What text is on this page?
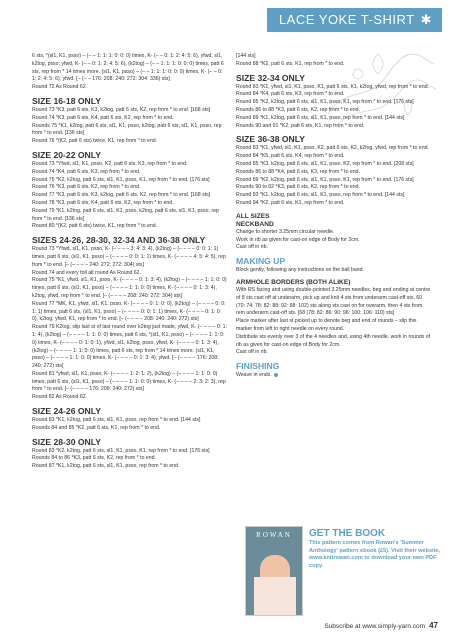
LACE YOKE T-SHIRT ✱

6 sts, *(sl1, K1, psso) – (– – 1: 1: 1: 0: 0: 0) times, K- (– – 0: 1: 2: 4: 5: 6), yfwd, sl1, k2tog, psso, yfwd, K- (– – 0: 1: 2: 4: 5: 6), (k2tog) – (– – 1: 1: 1: 0: 0: 0) times, patt 6 sts, rep from * 14 times more. (sl1, K1, psso) – (– – 1: 1: 1: 0: 0: 0) times, K- (– – 0: 1: 2: 4: 5: 6), yfwd. [– (– – 176: 208: 240: 272: 304: 336) sts]

Round 72 As Round 62.

SIZE 16-18 ONLY

Round 73 *K3, patt 6 sts, K3, k2tog, patt 6 sts, K2, rep from * to end. [168 sts]

Round 74 *K3, patt 6 sts, K4, patt 6 sts, K2, rep from * to end.

Rounds 75 *K1, k2tog, patt 6 sts, sl1, K1, psso, k2tog, patt 6 sts, sl1, K1, psso, rep from * to end. [136 sts]

Round 76 *(K2, patt 6 sts) twice, K1, rep from * to end.

SIZE 20-22 ONLY

Round 73 *Yfwd, sl1, K1, psso, K2, patt 6 sts, K3, rep from * to end.

Round 74 *K4, patt 6 sts, K3, rep from * to end.

Round 75 *K2, k2tog, patt 6 sts, sl1, K1, psso, K1, rep from * to end. [176 sts]

Round 76 *K3, patt 6 sts, K2, rep from * to end.

Round 77 *K3, patt 6 sts, K3, k2tog, patt 6 sts, K2, rep from * to end. [168 sts]

Round 78 *K3, patt 6 sts, K4, patt 6 sts, K2, rep from * to end.

Round 79 *K1, k2tog, patt 6 sts, sl1, K1, psso, k2tog, patt 6 sts, sl1, K1, psso, rep from * to end. [136 sts]

Round 80 *(K2, patt 6 sts) twice, K1, rep from * to end.

SIZES 24-26, 28-30, 32-34 AND 36-38 ONLY

Round 73 *Yfwd, sl1, K1, psso, K- (– – – – 3: 4: 3: 4), (k2tog) – (– – – – 0: 0: 1: 1) times, patt 6 sts, (sl1, K1, psso) – (– – – – 0: 0: 1: 1) times, K- (– – – – 4: 5: 4: 5), rep from * to end. [– (– – – – 240: 272: 272: 304) sts]

Round 74 and every foll alt round As Round 62.

Round 75 *K1, yfwd, sl1, K1, psso, K- (– – – – 0: 1: 3: 4), (k2tog) – (– – – – 1: 1: 0: 0) times, patt 6 sts, (sl1, K1, psso) – (– – – – 1: 1: 0: 0) times, K- (– – – – 0: 1: 3: 4), k2tog, yfwd, rep from * to end. [– (– – – – 208: 240: 272: 304) sts]

Round 77 *MK, K1, yfwd, sl1, K1, psso, K- (– – – – 0: 1: 0: 0), (k2tog) – (– – – – 0: 0: 1: 1) times, patt 6 sts, (sl1, K1, psso) – (– – – – 0: 0: 1: 1) times, K- (– – – – 0: 1: 0: 0), k2tog, yfwd, K1, rep from * to end. [– (– – – – 208: 240: 240: 272) sts]

Round 79 K2tog, slip last st of last round over k2tog just made, yfwd, K- (– – – – 0: 1: 1: 4), (k2tog) – (– – – – 1: 1: 0: 0) times, patt 6 sts, *(sl1, K1, psso) – (– – – – 1: 1: 0: 0) times, K- (– – – – 0: 1: 0: 1), yfwd, sl1, k2tog, psso, yfwd, K- (– – – – 0: 1: 3: 4), (k2tog) – (– – – – 1: 1: 0: 0) times, patt 6 sts, rep from * 14 times more. (sl1, K1, psso) – (– – – – 1: 1: 0: 0) times, K- (– – – – 0: 1: 3: 4), yfwd. [– (– – – – 176: 208: 240: 272) sts]

Round 81 *yfwd, sl1, K1, psso, K- (– – – – 1: 2: 1: 2), (k2tog) – (– – – – 1: 1: 0: 0) times, patt 6 sts, (sl1, K1, psso) – (– – – – 1: 1: 0: 0) times, K- (– – – – 2: 3: 2: 3), rep from * to end. [– (– – – – 176: 208: 240: 272) sts]

Round 82 As Round 62.

SIZE 24-26 ONLY

Round 83 *K1, k2tog, patt 6 sts, sl1, K1, psso, rep from * to end. [144 sts]

Rounds 84 and 85 *K2, patt 6 sts, K1, rep from * to end.

SIZE 28-30 ONLY

Round 83 *K2, k2tog, patt 6 sts, sl1, K1, psso, K1, rep from * to end. [176 sts]

Rounds 84 to 86 *K3, patt 6 sts, K2, rep from * to end.

Round 87 *K1, k2tog, patt 6 sts, sl1, K1, psso, rep from * to end.

[144 sts]

Round 88 *K2, patt 6 sts, K1, rep from * to end.

SIZE 32-34 ONLY

Round 83 *K1, yfwd, sl1, K1, psso, K1, patt 6 sts, K1, k2tog, yfwd, rep from * to end.

Round 84 *K4, patt 6 sts, K3, rep from * to end.

Round 85 *K2, k2tog, patt 6 sts, sl1, K1, psso, K1, rep from * to end. [176 sts]

Rounds 86 to 88 *K3, patt 6 sts, K2, rep from * to end.

Round 89 *K1, k2tog, patt 6 sts, sl1, K1, psso, rep from * to end. [144 sts]

Rounds 90 and 91 *K2, patt 6 sts, K1, rep from * to end.

SIZE 36-38 ONLY

Round 83 *K1, yfwd, sl1, K1, psso, K2, patt 6 sts, K2, k2tog, yfwd, rep from * to end.

Round 84 *K5, patt 6 sts, K4, rep from * to end.

Round 85 *K3, k2tog, patt 6 sts, sl1, K1, psso, K2, rep from * to end. [208 sts]

Rounds 86 to 88 *K4, patt 6 sts, K3, rep from * to end.

Round 89 *K2, k2tog, patt 6 sts, sl1, K1, psso, K1, rep from * to end. [176 sts]

Rounds 90 to 92 *K3, patt 6 sts, K2, rep from * to end.

Round 93 *K1, k2tog, patt 6 sts, sl1, K1, psso, rep from * to end. [144 sts]

Round 94 *K2, patt 6 sts, K1, rep from * to end.

ALL SIZES
NECKBAND

Change to shorter 3.25mm circular needle.

Work in rib as given for cast-on edge of Body for 2cm.

Cast off in rib.

MAKING UP

Block gently, following any instructions on the ball band.

ARMHOLE BORDERS (BOTH ALIKE)

With RS facing and using double-pointed 3.25mm needles, beg and ending at centre of 8 sts cast off at underarm, pick up and knit 4 sts from underarm cast-off sts, 60 (70: 74: 78: 82: 88: 92: 98: 102) sts along sts cast on for overarm, then 4 sts from rem underarm cast-off sts. [68 (78: 82: 86: 90: 96: 100: 106: 110) sts]

Place marker after last st picked up to denote beg and end of rounds – slip this marker from left to right needle on every round.

Distribute sts evenly over 3 of the 4 needles and, using 4th needle, work in rounds of rib as given for cast-on edge of Body for 2cm.

Cast off in rib.

FINISHING

Weave in ends.

ROWAN	GET THE BOOK
This pattern comes from Rowan's 'Summer Anthology' pattern ebook (£5). Visit their website, www.knitrowan.com to download your own PDF copy.
Subscribe at www.simply-yarn.com 47
